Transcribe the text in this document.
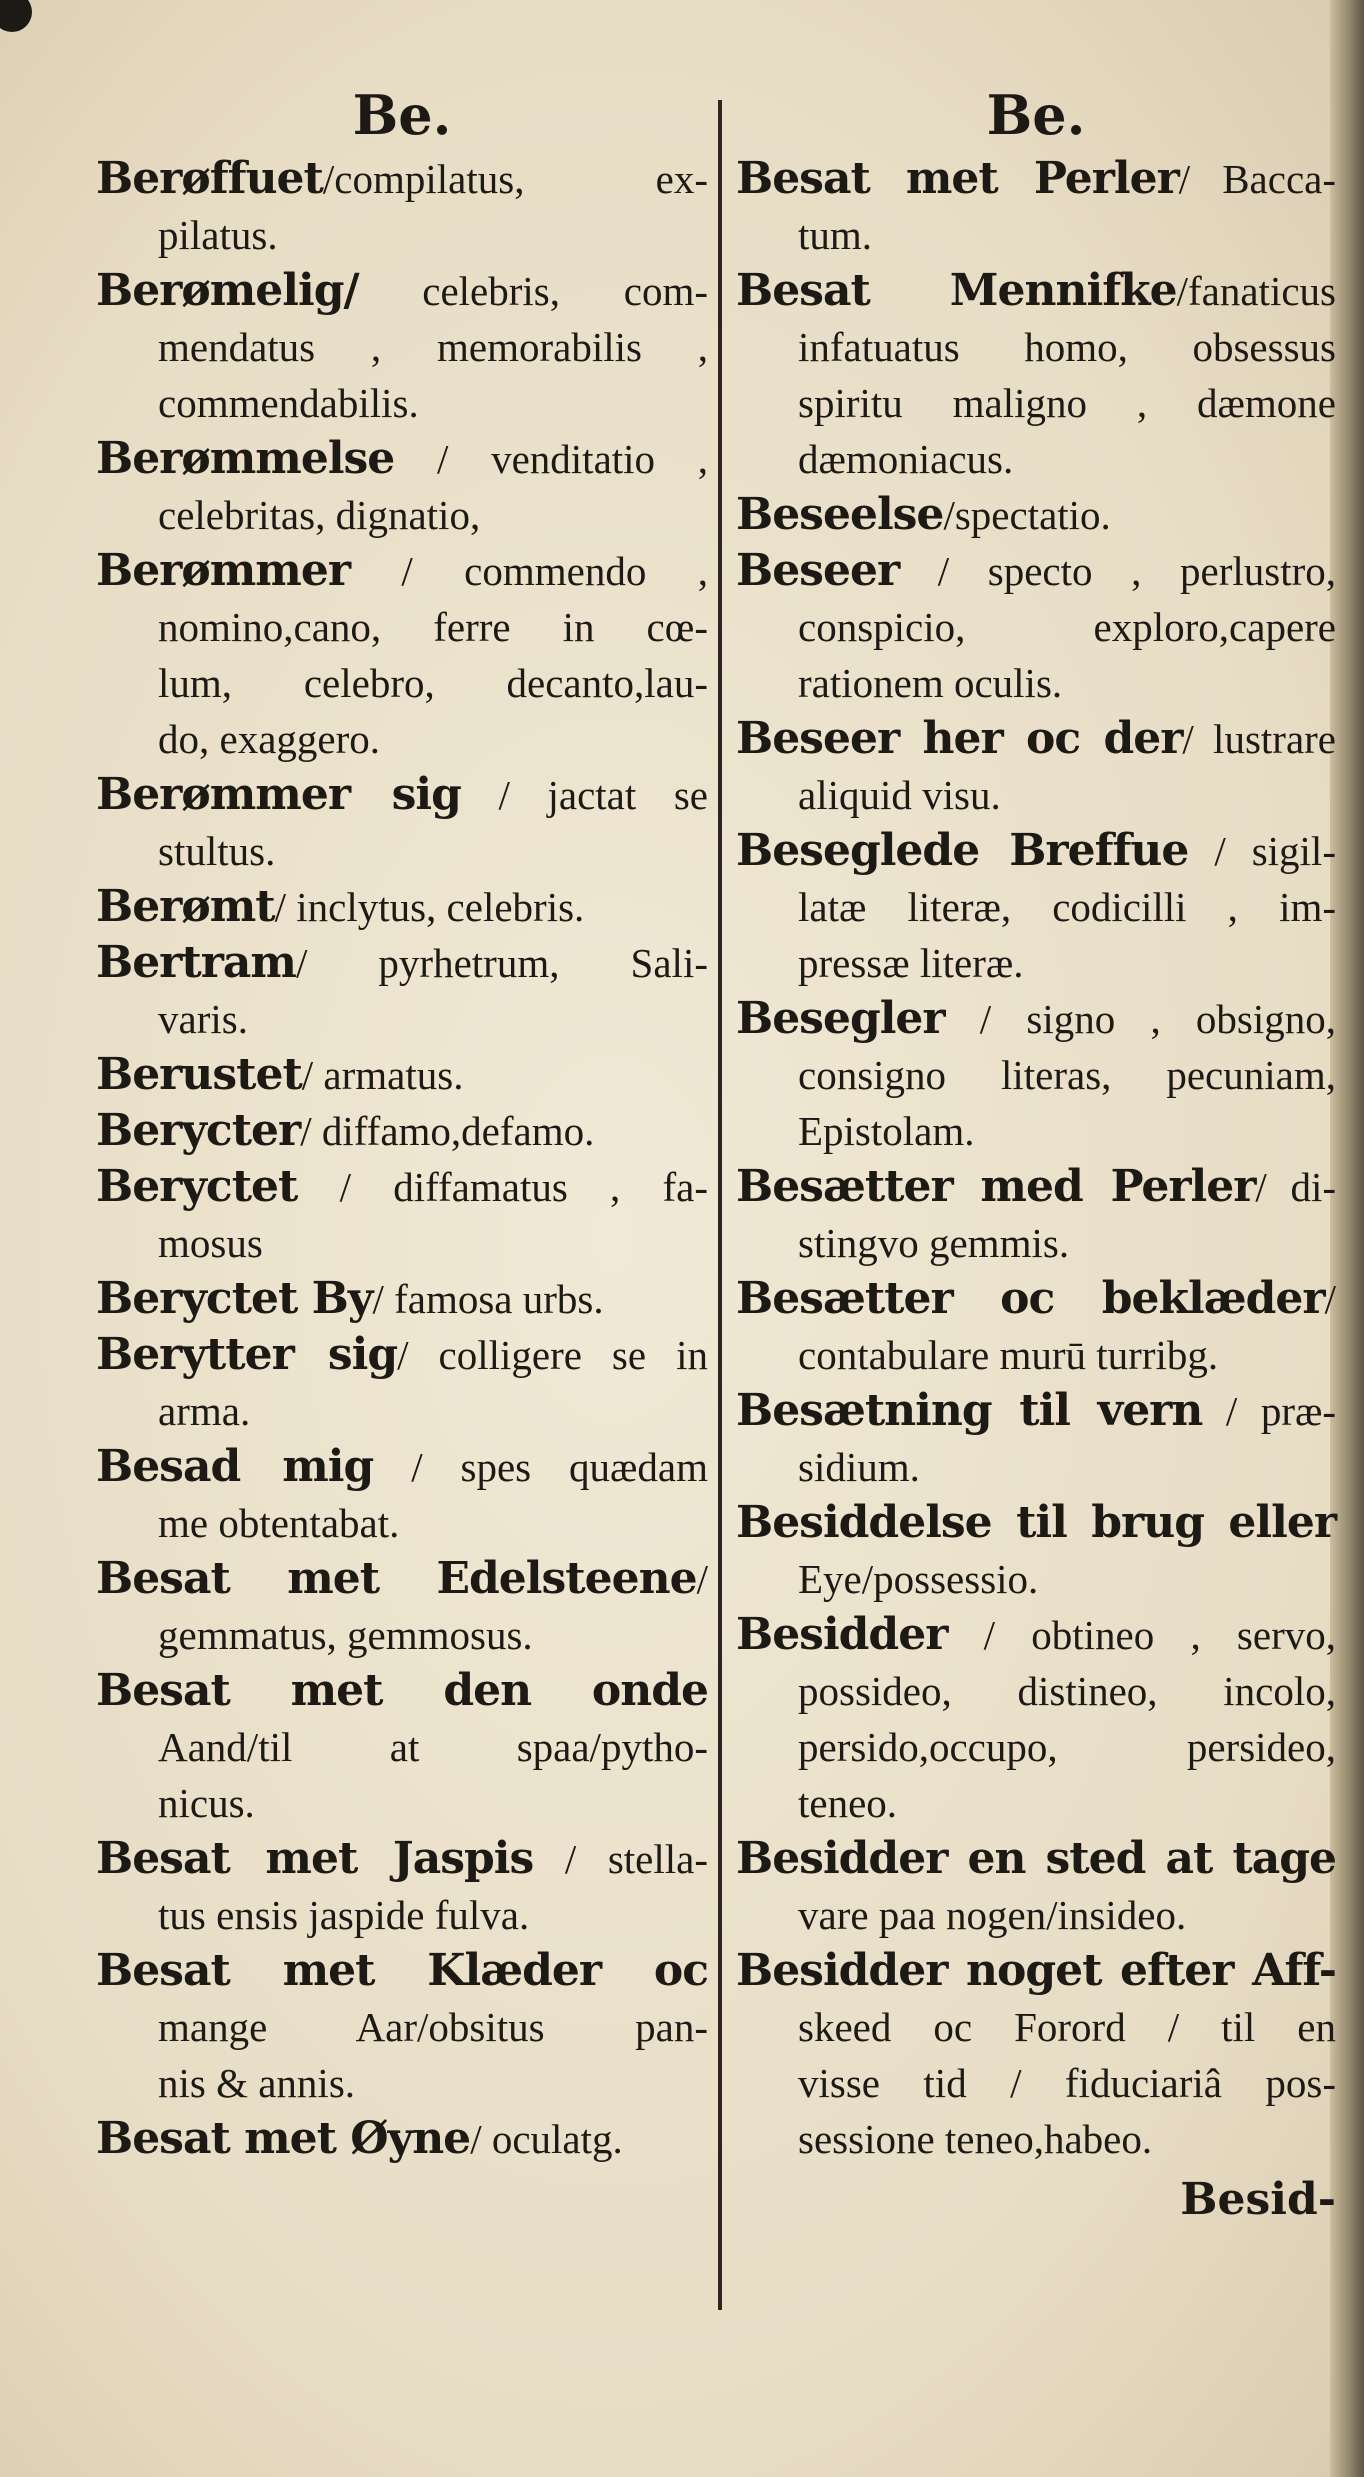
Be.
Berøffuet/compilatus, ex-
pilatus.
Berømelig/ celebris, com-
mendatus , memorabilis ,
commendabilis.
Berømmelse / venditatio ,
celebritas, dignatio,
Berømmer / commendo ,
nomino,cano, ferre in cœ-
lum, celebro, decanto,lau-
do, exaggero.
Berømmer sig / jactat se
stultus.
Berømt/ inclytus, celebris.
Bertram/ pyrhetrum, Sali-
varis.
Berustet/ armatus.
Berycter/ diffamo,defamo.
Beryctet / diffamatus , fa-
mosus
Beryctet By/ famosa urbs.
Berytter sig/ colligere se in
arma.
Besad mig / spes quædam
me obtentabat.
Besat met Edelsteene/
gemmatus, gemmosus.
Besat met den onde
Aand/til at spaa/pytho-
nicus.
Besat met Jaspis / stella-
tus ensis jaspide fulva.
Besat met Klæder oc
mange Aar/obsitus pan-
nis & annis.
Besat met Øyne/ oculatg.
Be.
Besat met Perler/ Bacca-
tum.
Besat Mennifke/fanaticus
infatuatus homo, obsessus
spiritu maligno , dæmone
dæmoniacus.
Beseelse/spectatio.
Beseer / specto , perlustro,
conspicio, exploro,capere
rationem oculis.
Beseer her oc der/ lustrare
aliquid visu.
Beseglede Breffue / sigil-
latæ literæ, codicilli , im-
pressæ literæ.
Besegler / signo , obsigno,
consigno literas, pecuniam,
Epistolam.
Besætter med Perler/ di-
stingvo gemmis.
Besætter oc beklæder/
contabulare murū turribg.
Besætning til vern / præ-
sidium.
Besiddelse til brug eller
Eye/possessio.
Besidder / obtineo , servo,
possideo, distineo, incolo,
persido,occupo, persideo,
teneo.
Besidder en sted at tage
vare paa nogen/insideo.
Besidder noget efter Aff-
skeed oc Forord / til en
visse tid / fiduciariâ pos-
sessione teneo,habeo.
Besid-
